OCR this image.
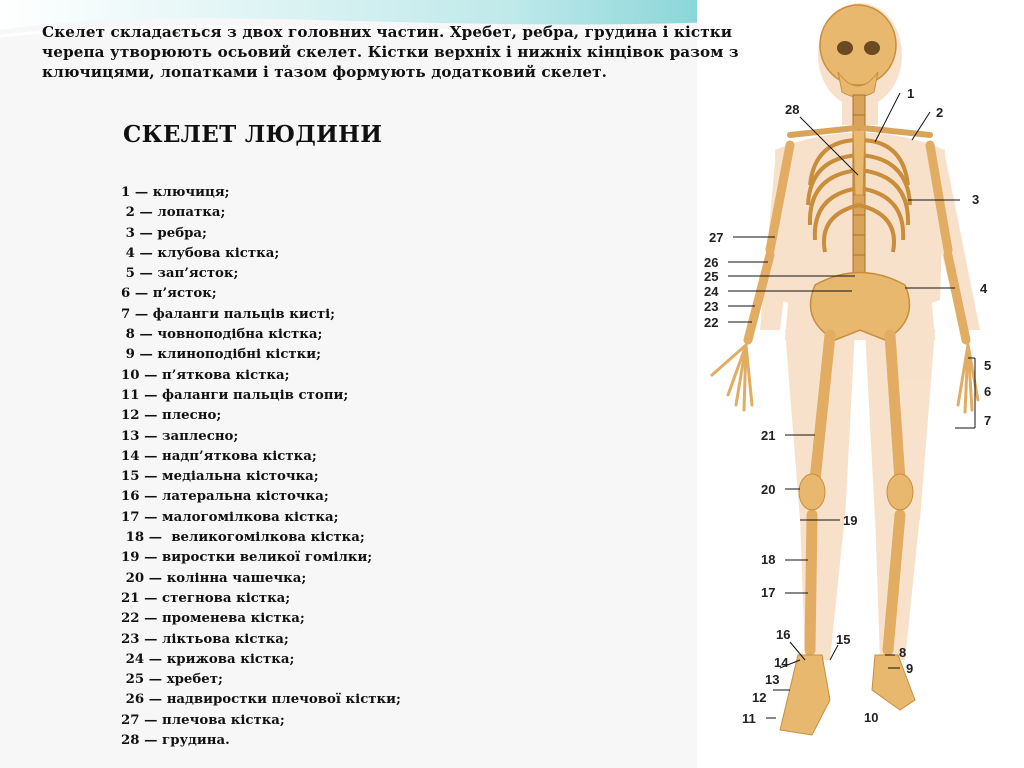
1
2
3
4
5
6
7
8
9
10
11
12
13
14
15
16
17
18
19
20
21
22
23
24
25
26
27
28
Скелет складається з двох головних частин. Хребет, ребра, грудина і кістки черепа утворюють осьовий скелет. Кістки верхніх і нижніх кінцівок разом з ключицями, лопатками і тазом формують додатковий скелет.
СКЕЛЕТ ЛЮДИНИ
1 — ключиця;
2 — лопатка;
3 — ребра;
4 — клубова кістка;
5 — зап’ясток;
6 — п’ясток;
7 — фаланги пальців кисті;
8 — човноподібна кістка;
9 — клиноподібні кістки;
10 — п’яткова кістка;
11 — фаланги пальців стопи;
12 — плесно;
13 — заплесно;
14 — надп’яткова кістка;
15 — медіальна кісточка;
16 — латеральна кісточка;
17 — малогомілкова кістка;
18 —  великогомілкова кістка;
19 — виростки великої гомілки;
20 — колінна чашечка;
21 — стегнова кістка;
22 — променева кістка;
23 — ліктьова кістка;
24 — крижова кістка;
25 — хребет;
26 — надвиростки плечової кістки;
27 — плечова кістка;
28 — грудина.
